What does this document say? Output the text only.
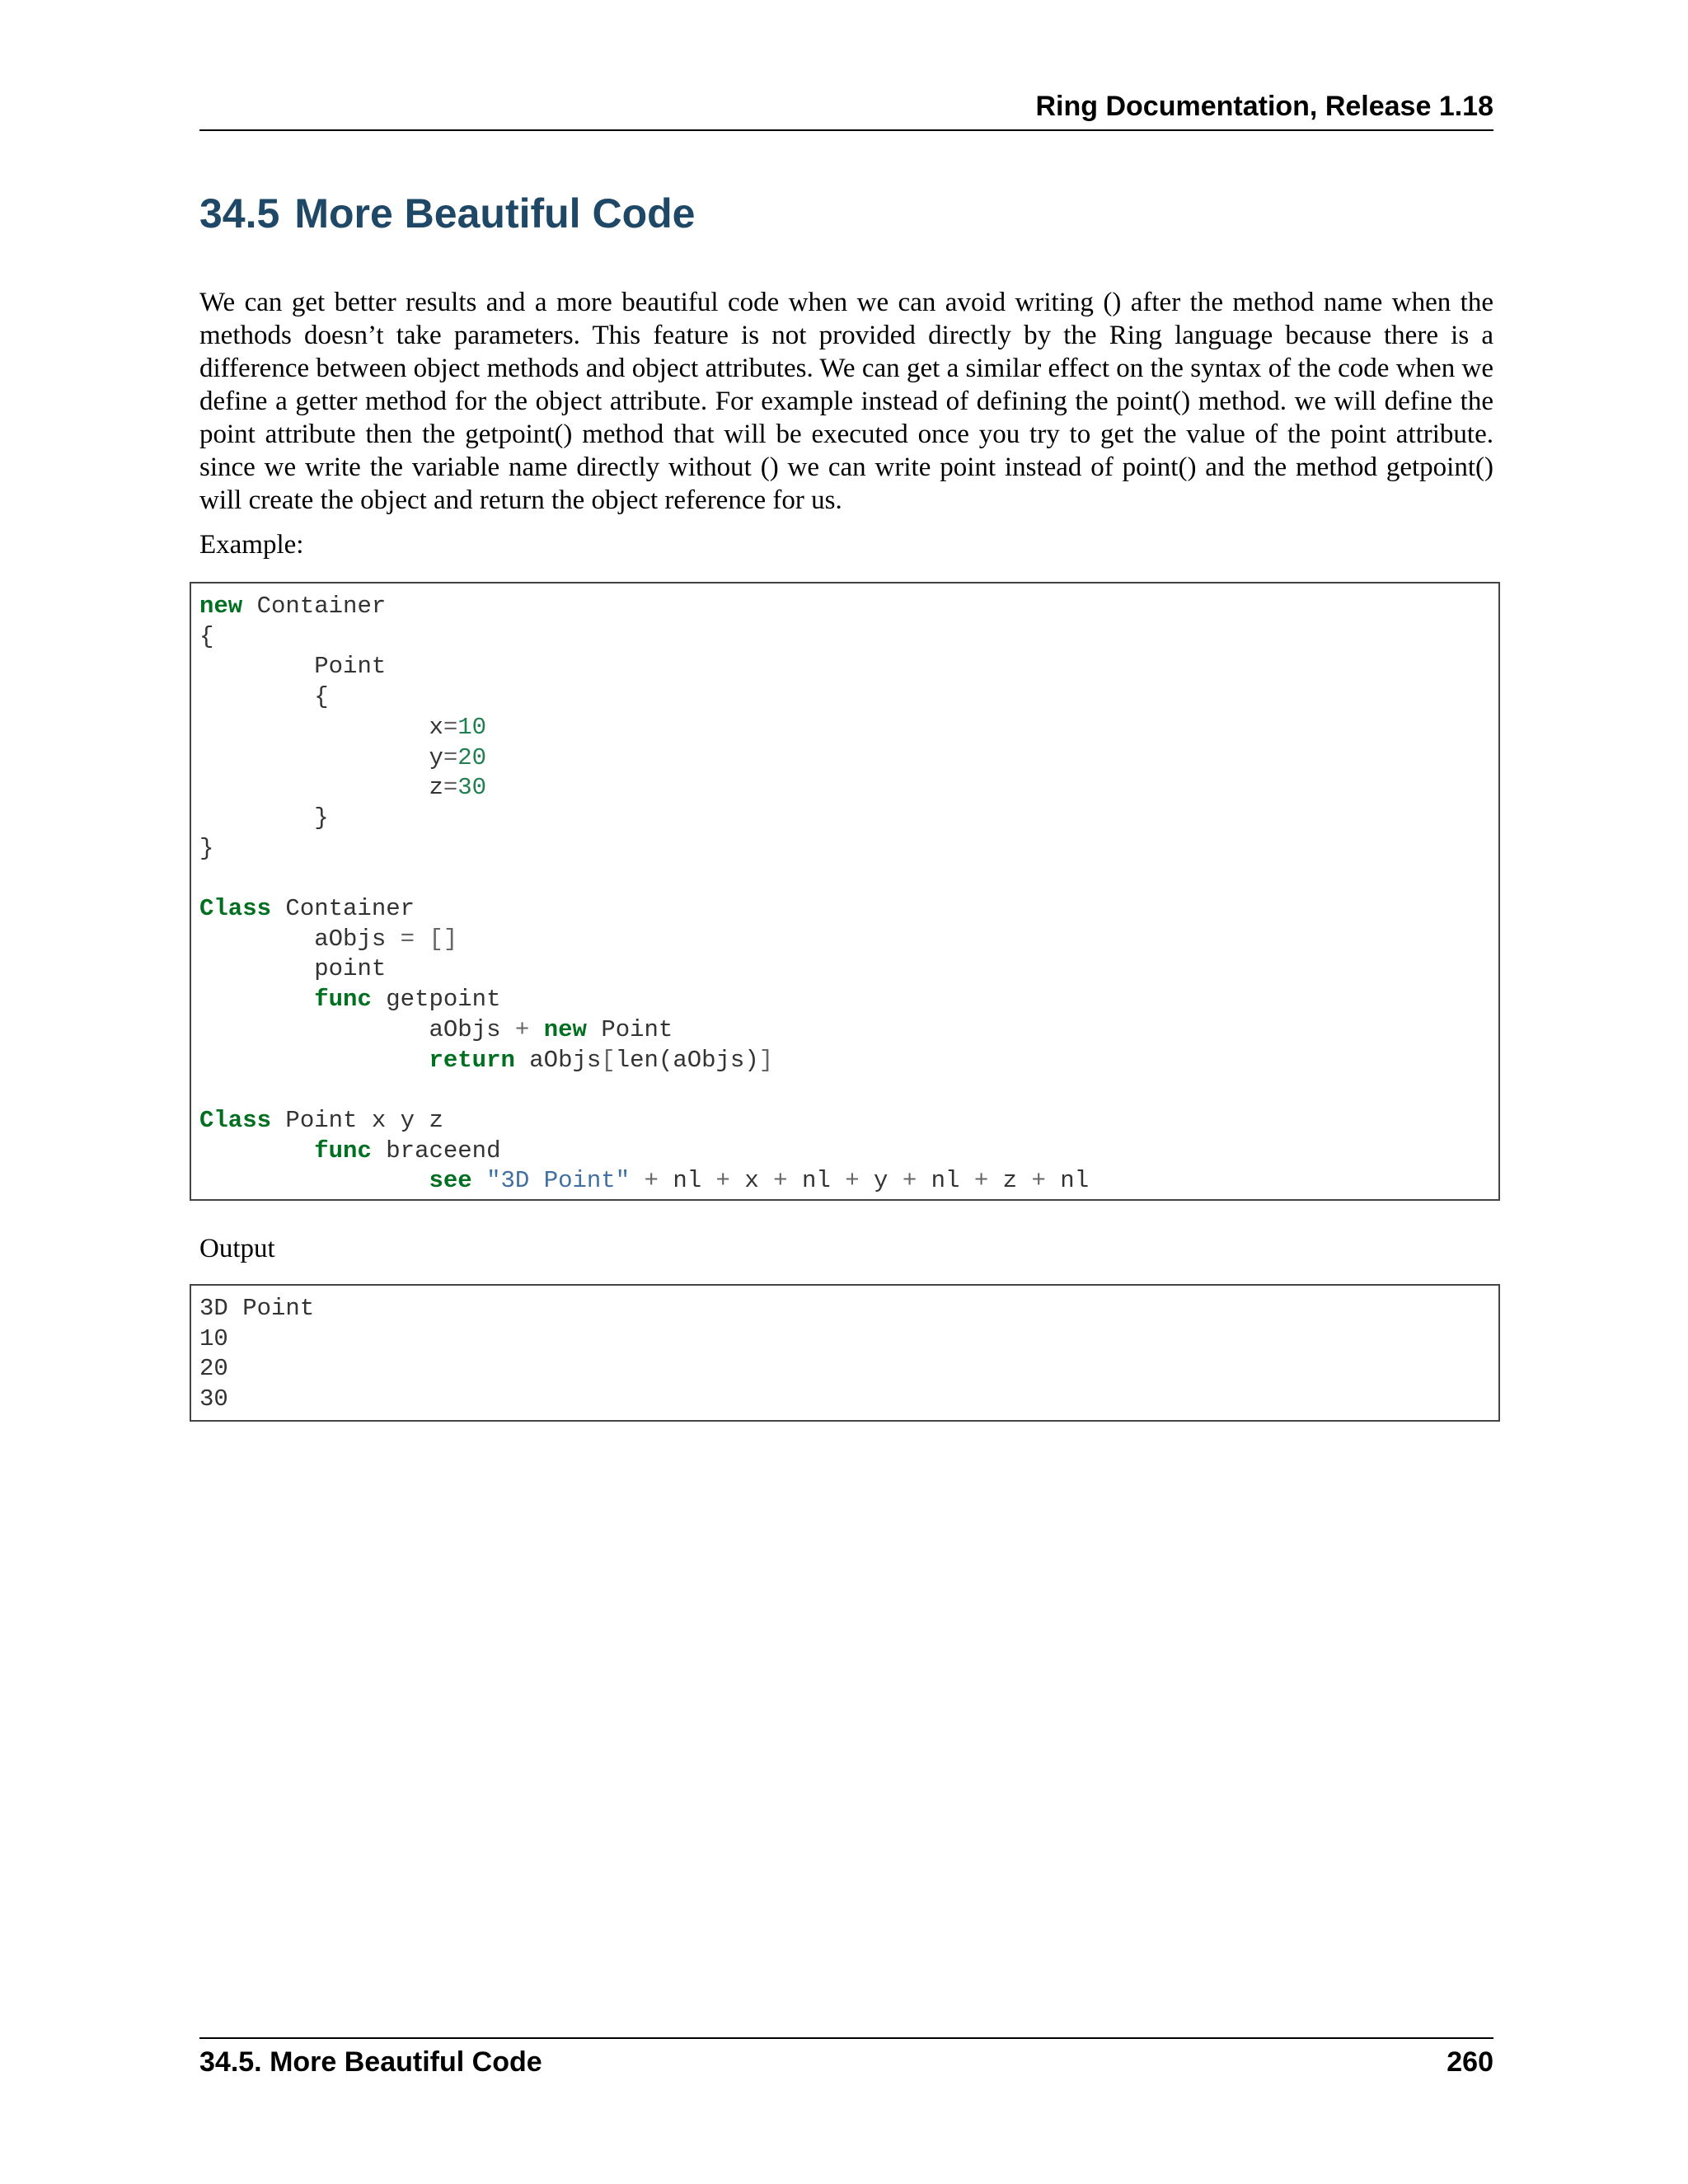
Ring Documentation, Release 1.18
34.5 More Beautiful Code

We can get better results and a more beautiful code when we can avoid writing () after the method name when the methods doesn’t take parameters. This feature is not provided directly by the Ring language because there is a difference between object methods and object attributes. We can get a similar effect on the syntax of the code when we define a getter method for the object attribute. For example instead of defining the point() method. we will define the point attribute then the getpoint() method that will be executed once you try to get the value of the point attribute. since we write the variable name directly without () we can write point instead of point() and the method getpoint() will create the object and return the object reference for us.

Example:

new Container
{
Point
{
x=10
y=20
z=30
}
}

Class Container
aObjs = []
point
func getpoint
aObjs + new Point
return aObjs[len(aObjs)]

Class Point x y z
func braceend
see "3D Point" + nl + x + nl + y + nl + z + nl

Output

3D Point
10
20
30
34.5. More Beautiful Code	260
